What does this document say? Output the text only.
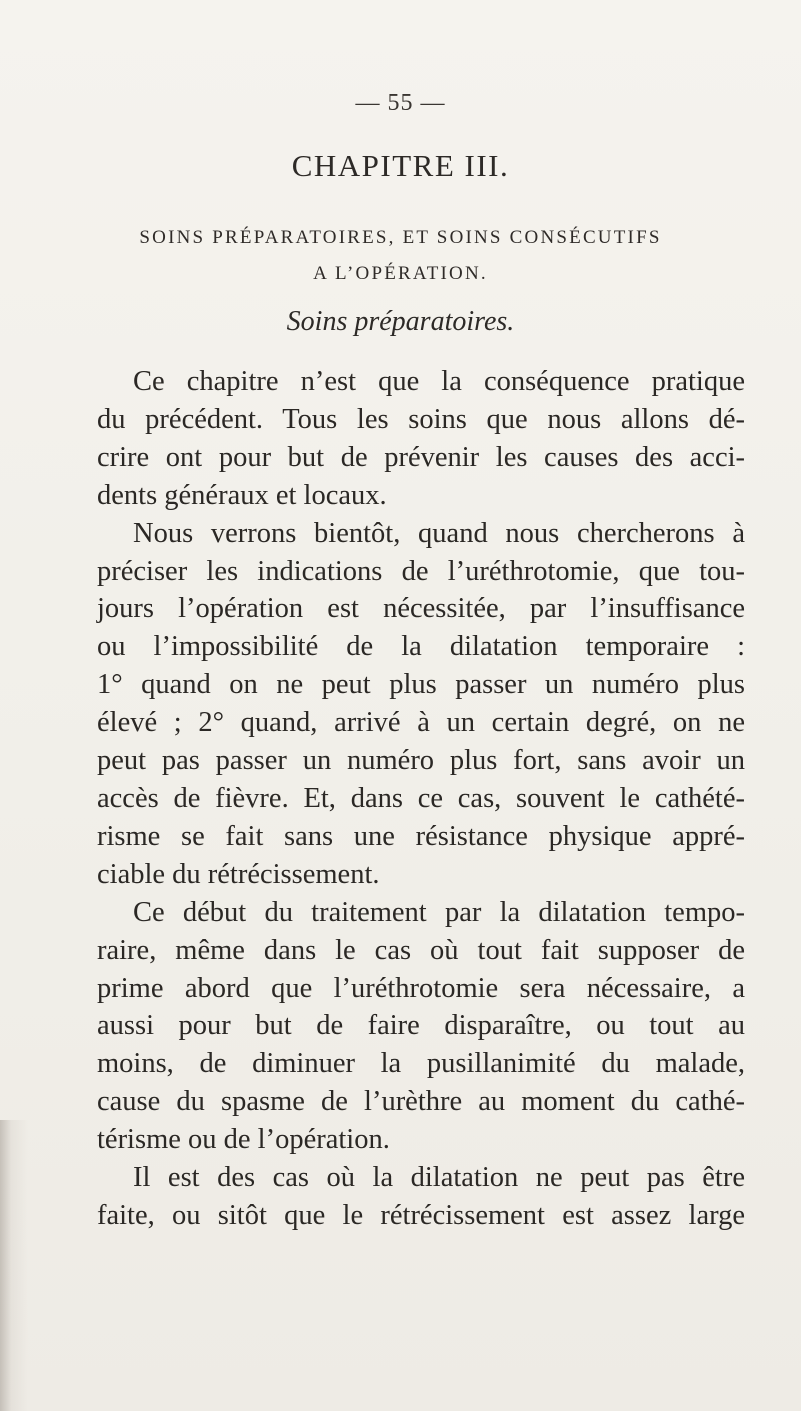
— 55 —
CHAPITRE III.
SOINS PRÉPARATOIRES, ET SOINS CONSÉCUTIFS
A L’OPÉRATION.
Soins préparatoires.
Ce chapitre n’est que la conséquence pratique
du précédent. Tous les soins que nous allons dé-
crire ont pour but de prévenir les causes des acci-
dents généraux et locaux.
Nous verrons bientôt, quand nous chercherons à
préciser les indications de l’uréthrotomie, que tou-
jours l’opération est nécessitée, par l’insuffisance
ou l’impossibilité de la dilatation temporaire :
1° quand on ne peut plus passer un numéro plus
élevé ; 2° quand, arrivé à un certain degré, on ne
peut pas passer un numéro plus fort, sans avoir un
accès de fièvre. Et, dans ce cas, souvent le cathété-
risme se fait sans une résistance physique appré-
ciable du rétrécissement.
Ce début du traitement par la dilatation tempo-
raire, même dans le cas où tout fait supposer de
prime abord que l’uréthrotomie sera nécessaire, a
aussi pour but de faire disparaître, ou tout au
moins, de diminuer la pusillanimité du malade,
cause du spasme de l’urèthre au moment du cathé-
térisme ou de l’opération.
Il est des cas où la dilatation ne peut pas être
faite, ou sitôt que le rétrécissement est assez large
